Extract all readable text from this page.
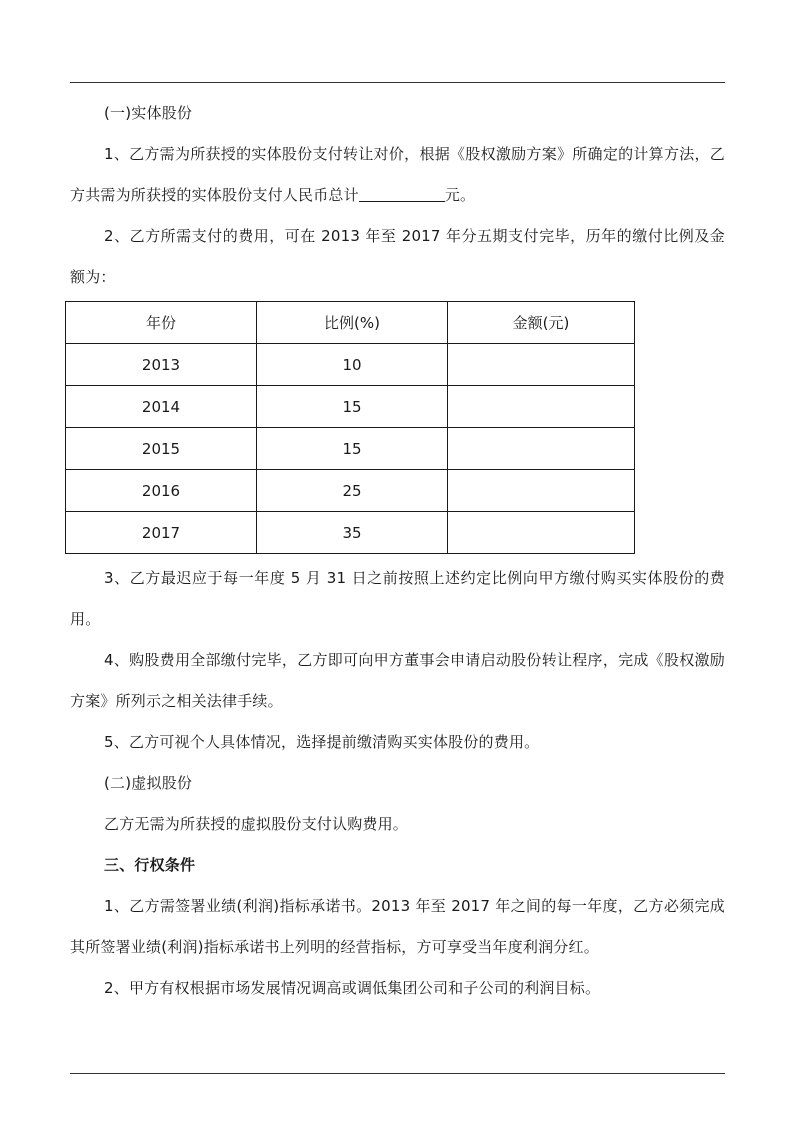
(一)实体股份

1、乙方需为所获授的实体股份支付转让对价，根据《股权激励方案》所确定的计算方法，乙方共需为所获授的实体股份支付人民币总计	元。

2、乙方所需支付的费用，可在 2013 年至 2017 年分五期支付完毕，历年的缴付比例及金额为：

年份	比例(%)	金额(元)
2013	10	
2014	15	
2015	15	
2016	25	
2017	35	

3、乙方最迟应于每一年度 5 月 31 日之前按照上述约定比例向甲方缴付购买实体股份的费用。

4、购股费用全部缴付完毕，乙方即可向甲方董事会申请启动股份转让程序，完成《股权激励方案》所列示之相关法律手续。

5、乙方可视个人具体情况，选择提前缴清购买实体股份的费用。

(二)虚拟股份

乙方无需为所获授的虚拟股份支付认购费用。

三、行权条件

1、乙方需签署业绩(利润)指标承诺书。2013 年至 2017 年之间的每一年度，乙方必须完成其所签署业绩(利润)指标承诺书上列明的经营指标，方可享受当年度利润分红。

2、甲方有权根据市场发展情况调高或调低集团公司和子公司的利润目标。
